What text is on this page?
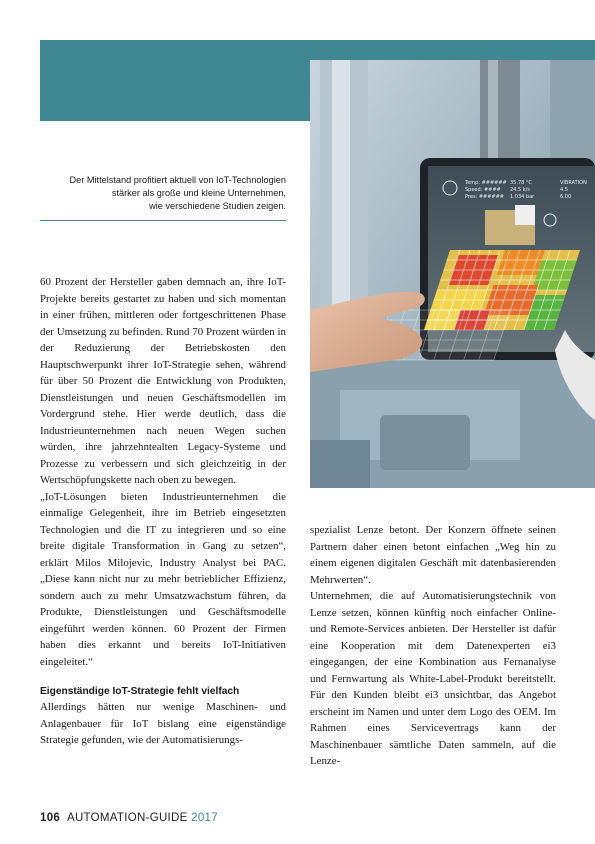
Temp: ######
Speed: ####
Pres: ######
35.78 °C
24.5 k/s
1.034 bar
VIBRATION
4.5
6.00
Der Mittelstand profitiert aktuell von IoT-Technologien
stärker als große und kleine Unternehmen,
wie verschiedene Studien zeigen.

60 Prozent der Hersteller gaben demnach an, ihre IoT-Projekte bereits gestartet zu haben und sich momentan in einer frühen, mittleren oder fortgeschrittenen Phase der Umsetzung zu befinden. Rund 70 Prozent würden in der Reduzierung der Betriebskosten den Hauptschwerpunkt ihrer IoT-Strategie sehen, während für über 50 Prozent die Entwicklung von Produkten, Dienstleistungen und neuen Geschäftsmodellen im Vordergrund stehe. Hier werde deutlich, dass die Industrieunternehmen nach neuen Wegen suchen würden, ihre jahrzehntealten Legacy-Systeme und Prozesse zu verbessern und sich gleichzeitig in der Wertschöpfungskette nach oben zu bewegen.

„IoT-Lösungen bieten Industrieunternehmen die einmalige Gelegenheit, ihre im Betrieb eingesetzten Technologien und die IT zu integrieren und so eine breite digitale Transformation in Gang zu setzen“, erklärt Milos Milojevic, Industry Analyst bei PAC. „Diese kann nicht nur zu mehr betrieblicher Effizienz, sondern auch zu mehr Umsatzwachstum führen, da Produkte, Dienstleistungen und Geschäftsmodelle eingeführt werden können. 60 Prozent der Firmen haben dies erkannt und bereits IoT-Initiativen eingeleitet.“

Eigenständige IoT-Strategie fehlt vielfach

Allerdings hätten nur wenige Maschinen- und Anlagenbauer für IoT bislang eine eigenständige Strategie gefunden, wie der Automatisierungs-

spezialist Lenze betont. Der Konzern öffnete seinen Partnern daher einen betont einfachen „Weg hin zu einem eigenen digitalen Geschäft mit datenbasierenden Mehrwerten“.

Unternehmen, die auf Automatisierungstechnik von Lenze setzen, können künftig noch einfacher Online- und Remote-Services anbieten. Der Hersteller ist dafür eine Kooperation mit dem Datenexperten ei3 eingegangen, der eine Kombination aus Fernanalyse und Fernwartung als White-Label-Produkt bereitstellt. Für den Kunden bleibt ei3 unsichtbar, das Angebot erscheint im Namen und unter dem Logo des OEM. Im Rahmen eines Servicevertrags kann der Maschinenbauer sämtliche Daten sammeln, auf die Lenze-

106 AUTOMATION-GUIDE 2017
